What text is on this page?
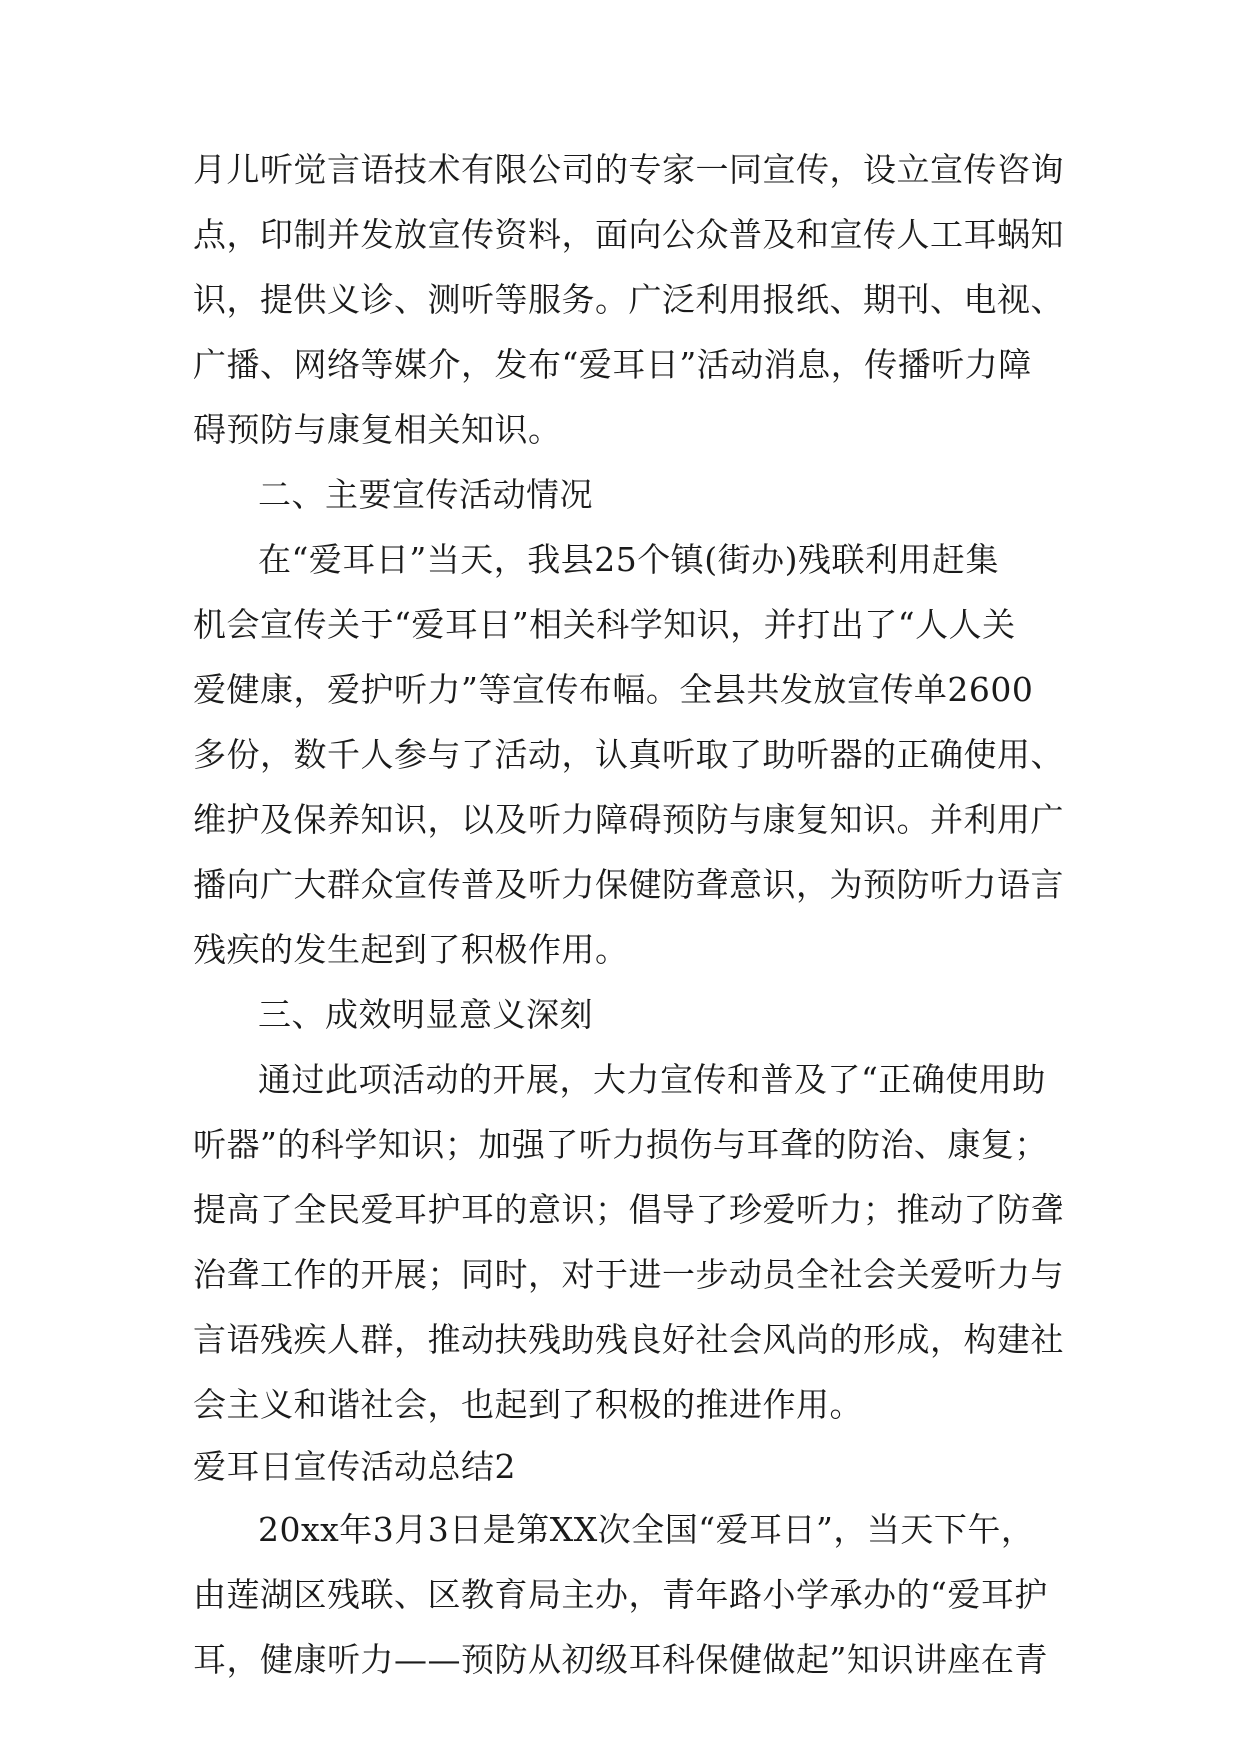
月儿听觉言语技术有限公司的专家一同宣传，设立宣传咨询
点，印制并发放宣传资料，面向公众普及和宣传人工耳蜗知
识，提供义诊、测听等服务。广泛利用报纸、期刊、电视、
广播、网络等媒介，发布“爱耳日”活动消息，传播听力障
碍预防与康复相关知识。
二、主要宣传活动情况
在“爱耳日”当天，我县25个镇(街办)残联利用赶集
机会宣传关于“爱耳日”相关科学知识，并打出了“人人关
爱健康，爱护听力”等宣传布幅。全县共发放宣传单2600
多份，数千人参与了活动，认真听取了助听器的正确使用、
维护及保养知识，以及听力障碍预防与康复知识。并利用广
播向广大群众宣传普及听力保健防聋意识，为预防听力语言
残疾的发生起到了积极作用。
三、成效明显意义深刻
通过此项活动的开展，大力宣传和普及了“正确使用助
听器”的科学知识；加强了听力损伤与耳聋的防治、康复；
提高了全民爱耳护耳的意识；倡导了珍爱听力；推动了防聋
治聋工作的开展；同时，对于进一步动员全社会关爱听力与
言语残疾人群，推动扶残助残良好社会风尚的形成，构建社
会主义和谐社会，也起到了积极的推进作用。
爱耳日宣传活动总结2
20xx年3月3日是第XX次全国“爱耳日”，当天下午，
由莲湖区残联、区教育局主办，青年路小学承办的“爱耳护
耳，健康听力——预防从初级耳科保健做起”知识讲座在青
